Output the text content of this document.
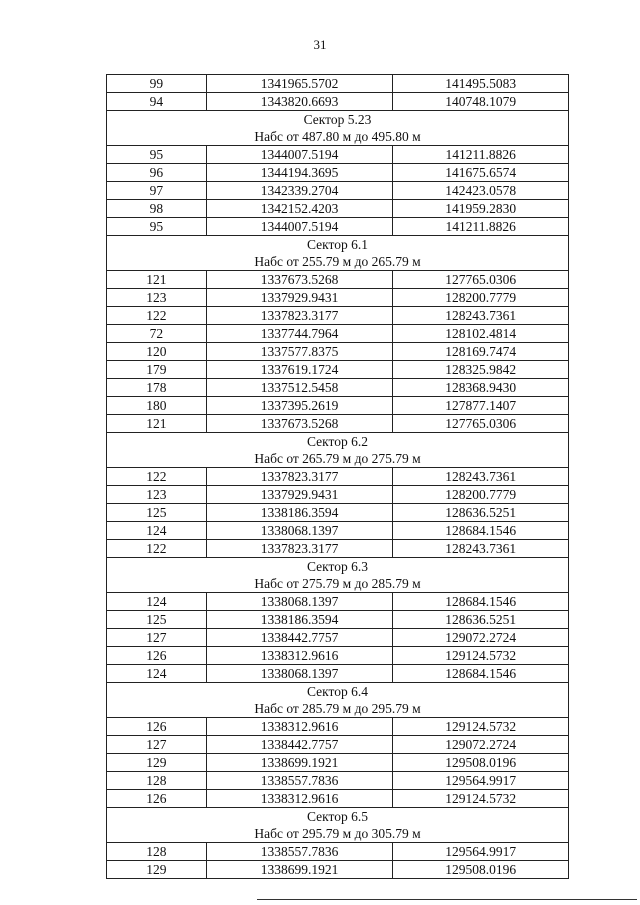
31
99	1341965.5702	141495.5083
94	1343820.6693	140748.1079
Сектор 5.23		
Набс от 487.80 м до 495.80 м		
95	1344007.5194	141211.8826
96	1344194.3695	141675.6574
97	1342339.2704	142423.0578
98	1342152.4203	141959.2830
95	1344007.5194	141211.8826
Сектор 6.1		
Набс от 255.79 м до 265.79 м		
121	1337673.5268	127765.0306
123	1337929.9431	128200.7779
122	1337823.3177	128243.7361
72	1337744.7964	128102.4814
120	1337577.8375	128169.7474
179	1337619.1724	128325.9842
178	1337512.5458	128368.9430
180	1337395.2619	127877.1407
121	1337673.5268	127765.0306
Сектор 6.2		
Набс от 265.79 м до 275.79 м		
122	1337823.3177	128243.7361
123	1337929.9431	128200.7779
125	1338186.3594	128636.5251
124	1338068.1397	128684.1546
122	1337823.3177	128243.7361
Сектор 6.3		
Набс от 275.79 м до 285.79 м		
124	1338068.1397	128684.1546
125	1338186.3594	128636.5251
127	1338442.7757	129072.2724
126	1338312.9616	129124.5732
124	1338068.1397	128684.1546
Сектор 6.4		
Набс от 285.79 м до 295.79 м		
126	1338312.9616	129124.5732
127	1338442.7757	129072.2724
129	1338699.1921	129508.0196
128	1338557.7836	129564.9917
126	1338312.9616	129124.5732
Сектор 6.5		
Набс от 295.79 м до 305.79 м		
128	1338557.7836	129564.9917
129	1338699.1921	129508.0196
